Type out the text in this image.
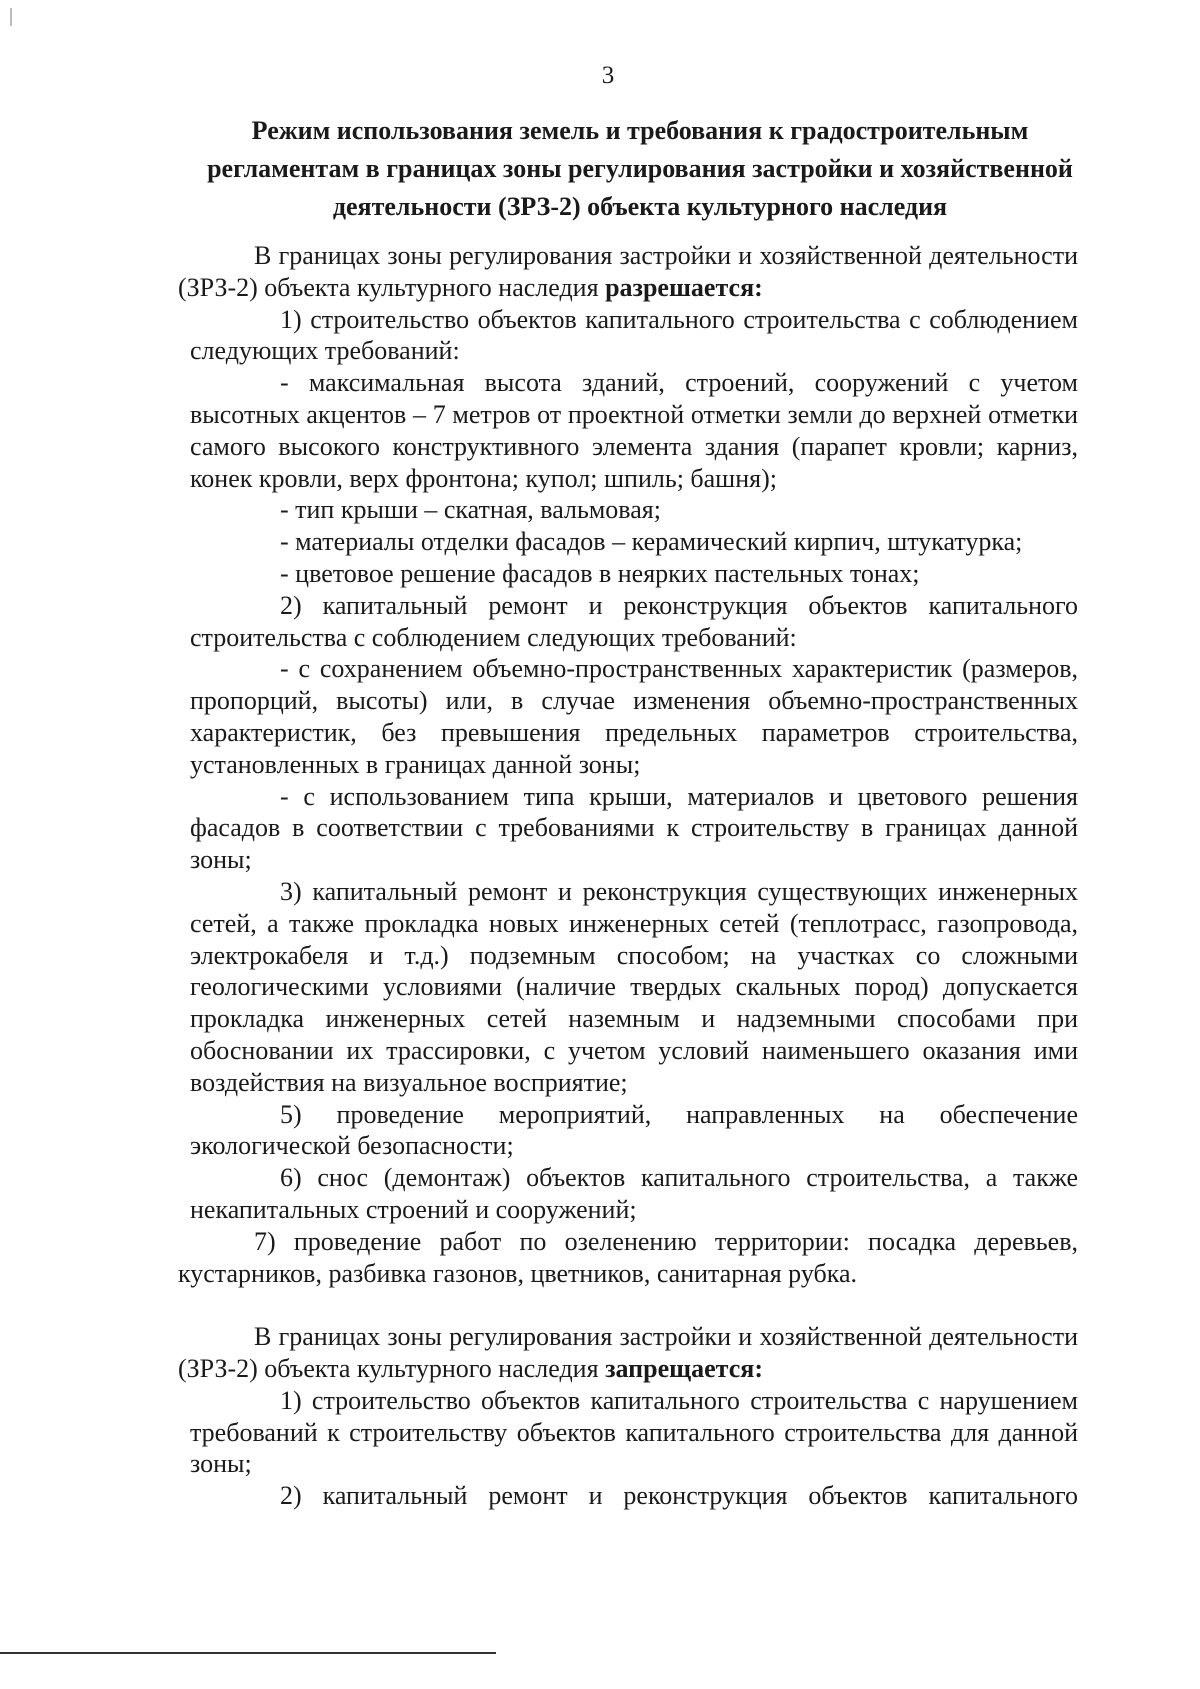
3
Режим использования земель и требования к градостроительным
регламентам в границах зоны регулирования застройки и хозяйственной
деятельности (ЗРЗ-2) объекта культурного наследия

В границах зоны регулирования застройки и хозяйственной деятельности (ЗРЗ-2) объекта культурного наследия разрешается:

1) строительство объектов капитального строительства с соблюдением следующих требований:

- максимальная высота зданий, строений, сооружений с учетом высотных акцентов – 7 метров от проектной отметки земли до верхней отметки самого высокого конструктивного элемента здания (парапет кровли; карниз, конек кровли, верх фронтона; купол; шпиль; башня);

- тип крыши – скатная, вальмовая;

- материалы отделки фасадов – керамический кирпич, штукатурка;

- цветовое решение фасадов в неярких пастельных тонах;

2) капитальный ремонт и реконструкция объектов капитального строительства с соблюдением следующих требований:

- с сохранением объемно-пространственных характеристик (размеров, пропорций, высоты) или, в случае изменения объемно-пространственных характеристик, без превышения предельных параметров строительства, установленных в границах данной зоны;

- с использованием типа крыши, материалов и цветового решения фасадов в соответствии с требованиями к строительству в границах данной зоны;

3) капитальный ремонт и реконструкция существующих инженерных сетей, а также прокладка новых инженерных сетей (теплотрасс, газопровода, электрокабеля и т.д.) подземным способом; на участках со сложными геологическими условиями (наличие твердых скальных пород) допускается прокладка инженерных сетей наземным и надземными способами при обосновании их трассировки, с учетом условий наименьшего оказания ими воздействия на визуальное восприятие;

5) проведение мероприятий, направленных на обеспечение экологической безопасности;

6) снос (демонтаж) объектов капитального строительства, а также некапитальных строений и сооружений;

7) проведение работ по озеленению территории: посадка деревьев, кустарников, разбивка газонов, цветников, санитарная рубка.

В границах зоны регулирования застройки и хозяйственной деятельности (ЗРЗ-2) объекта культурного наследия запрещается:

1) строительство объектов капитального строительства с нарушением требований к строительству объектов капитального строительства для данной зоны;

2) капитальный ремонт и реконструкция объектов капитального
